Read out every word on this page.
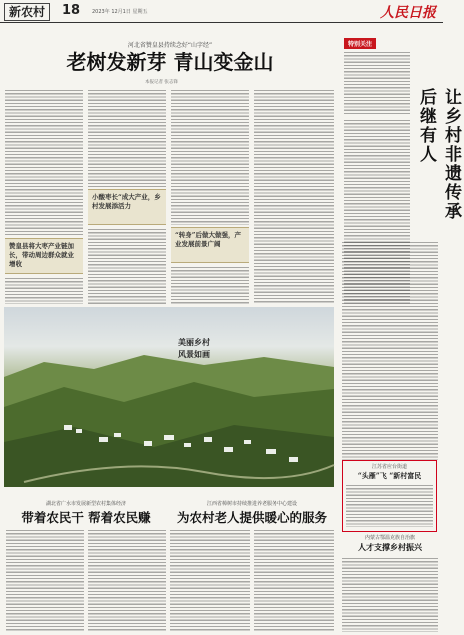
新农村	18 2023年 12月1日 星期五	人民日报
河北省赞皇县持续念好“山字经”
老树发新芽 青山变金山
本报记者 张志锋
赞皇县将大枣产业链加长，带动周边群众就业增收
小酸枣长“成大产业，乡村发展添活力
“转身”后做大做强，产业发展前景广阔
美丽乡村
风景如画
特别关注
让乡村非遗传承后继有人
江苏省应台街道
“头雁”飞 “新村富民
湖北省广水市发展新型农村集体经济
带着农民干 帮着农民赚
江西省樟树市持续推进养老服务中心建设
为农村老人提供暖心的服务
内蒙古鄂温克族自治旗
人才支撑乡村振兴
